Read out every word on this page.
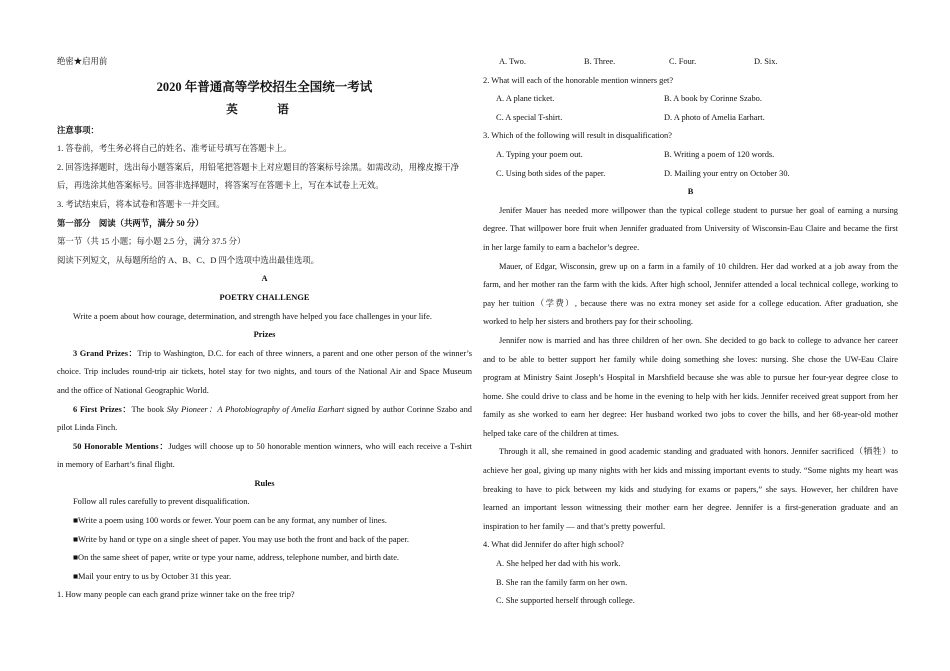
绝密★启用前
2020 年普通高等学校招生全国统一考试
英　语
注意事项：
1. 答卷前，考生务必将自己的姓名、准考证号填写在答题卡上。
2. 回答选择题时，选出每小题答案后，用铅笔把答题卡上对应题目的答案标号涂黑。如需改动，用橡皮擦干净
后，再选涂其他答案标号。回答非选择题时，将答案写在答题卡上，写在本试卷上无效。
3. 考试结束后，将本试卷和答题卡一并交回。
第一部分　阅读（共两节，满分 50 分）
第一节（共 15 小题；每小题 2.5 分，满分 37.5 分）
阅读下列短文，从每题所给的 A、B、C、D 四个选项中选出最佳选项。
A
POETRY CHALLENGE
Write a poem about how courage, determination, and strength have helped you face challenges in your life.
Prizes
3 Grand Prizes：Trip to Washington, D.C. for each of three winners, a parent and one other person of the winner’s
choice. Trip includes round-trip air tickets, hotel stay for two nights, and tours of the National Air and Space Museum
and the office of National Geographic World.
6 First Prizes：The book Sky Pioneer：A Photobiography of Amelia Earhart signed by author Corinne Szabo and
pilot Linda Finch.
50 Honorable Mentions：Judges will choose up to 50 honorable mention winners, who will each receive a T-shirt
in memory of Earhart’s final flight.
Rules
Follow all rules carefully to prevent disqualification.
■Write a poem using 100 words or fewer. Your poem can be any format, any number of lines.
■Write by hand or type on a single sheet of paper. You may use both the front and back of the paper.
■On the same sheet of paper, write or type your name, address, telephone number, and birth date.
■Mail your entry to us by October 31 this year.
1. How many people can each grand prize winner take on the free trip?
A. Two.	B. Three.	C. Four.	D. Six.
2. What will each of the honorable mention winners get?
A. A plane ticket.	B. A book by Corinne Szabo.
C. A special T-shirt.	D. A photo of Amelia Earhart.
3. Which of the following will result in disqualification?
A. Typing your poem out.	B. Writing a poem of 120 words.
C. Using both sides of the paper.	D. Mailing your entry on October 30.
B
Jenifer Mauer has needed more willpower than the typical college student to pursue her goal of earning a nursing
degree. That willpower bore fruit when Jennifer graduated from University of Wisconsin-Eau Claire and became the first
in her large family to earn a bachelor’s degree.
Mauer, of Edgar, Wisconsin, grew up on a farm in a family of 10 children. Her dad worked at a job away from the
farm, and her mother ran the farm with the kids. After high school, Jennifer attended a local technical college, working to
pay her tuition（学费）, because there was no extra money set aside for a college education. After graduation, she
worked to help her sisters and brothers pay for their schooling.
Jennifer now is married and has three children of her own. She decided to go back to college to advance her career
and to be able to better support her family while doing something she loves: nursing. She chose the UW-Eau Claire
program at Ministry Saint Joseph’s Hospital in Marshfield because she was able to pursue her four-year degree close to
home. She could drive to class and be home in the evening to help with her kids. Jennifer received great support from her
family as she worked to earn her degree: Her husband worked two jobs to cover the bills, and her 68-year-old mother
helped take care of the children at times.
Through it all, she remained in good academic standing and graduated with honors. Jennifer sacrificed（牺牲）to
achieve her goal, giving up many nights with her kids and missing important events to study. “Some nights my heart was
breaking to have to pick between my kids and studying for exams or papers,” she says. However, her children have
learned an important lesson witnessing their mother earn her degree. Jennifer is a first-generation graduate and an
inspiration to her family — and that’s pretty powerful.
4. What did Jennifer do after high school?
A. She helped her dad with his work.
B. She ran the family farm on her own.
C. She supported herself through college.
